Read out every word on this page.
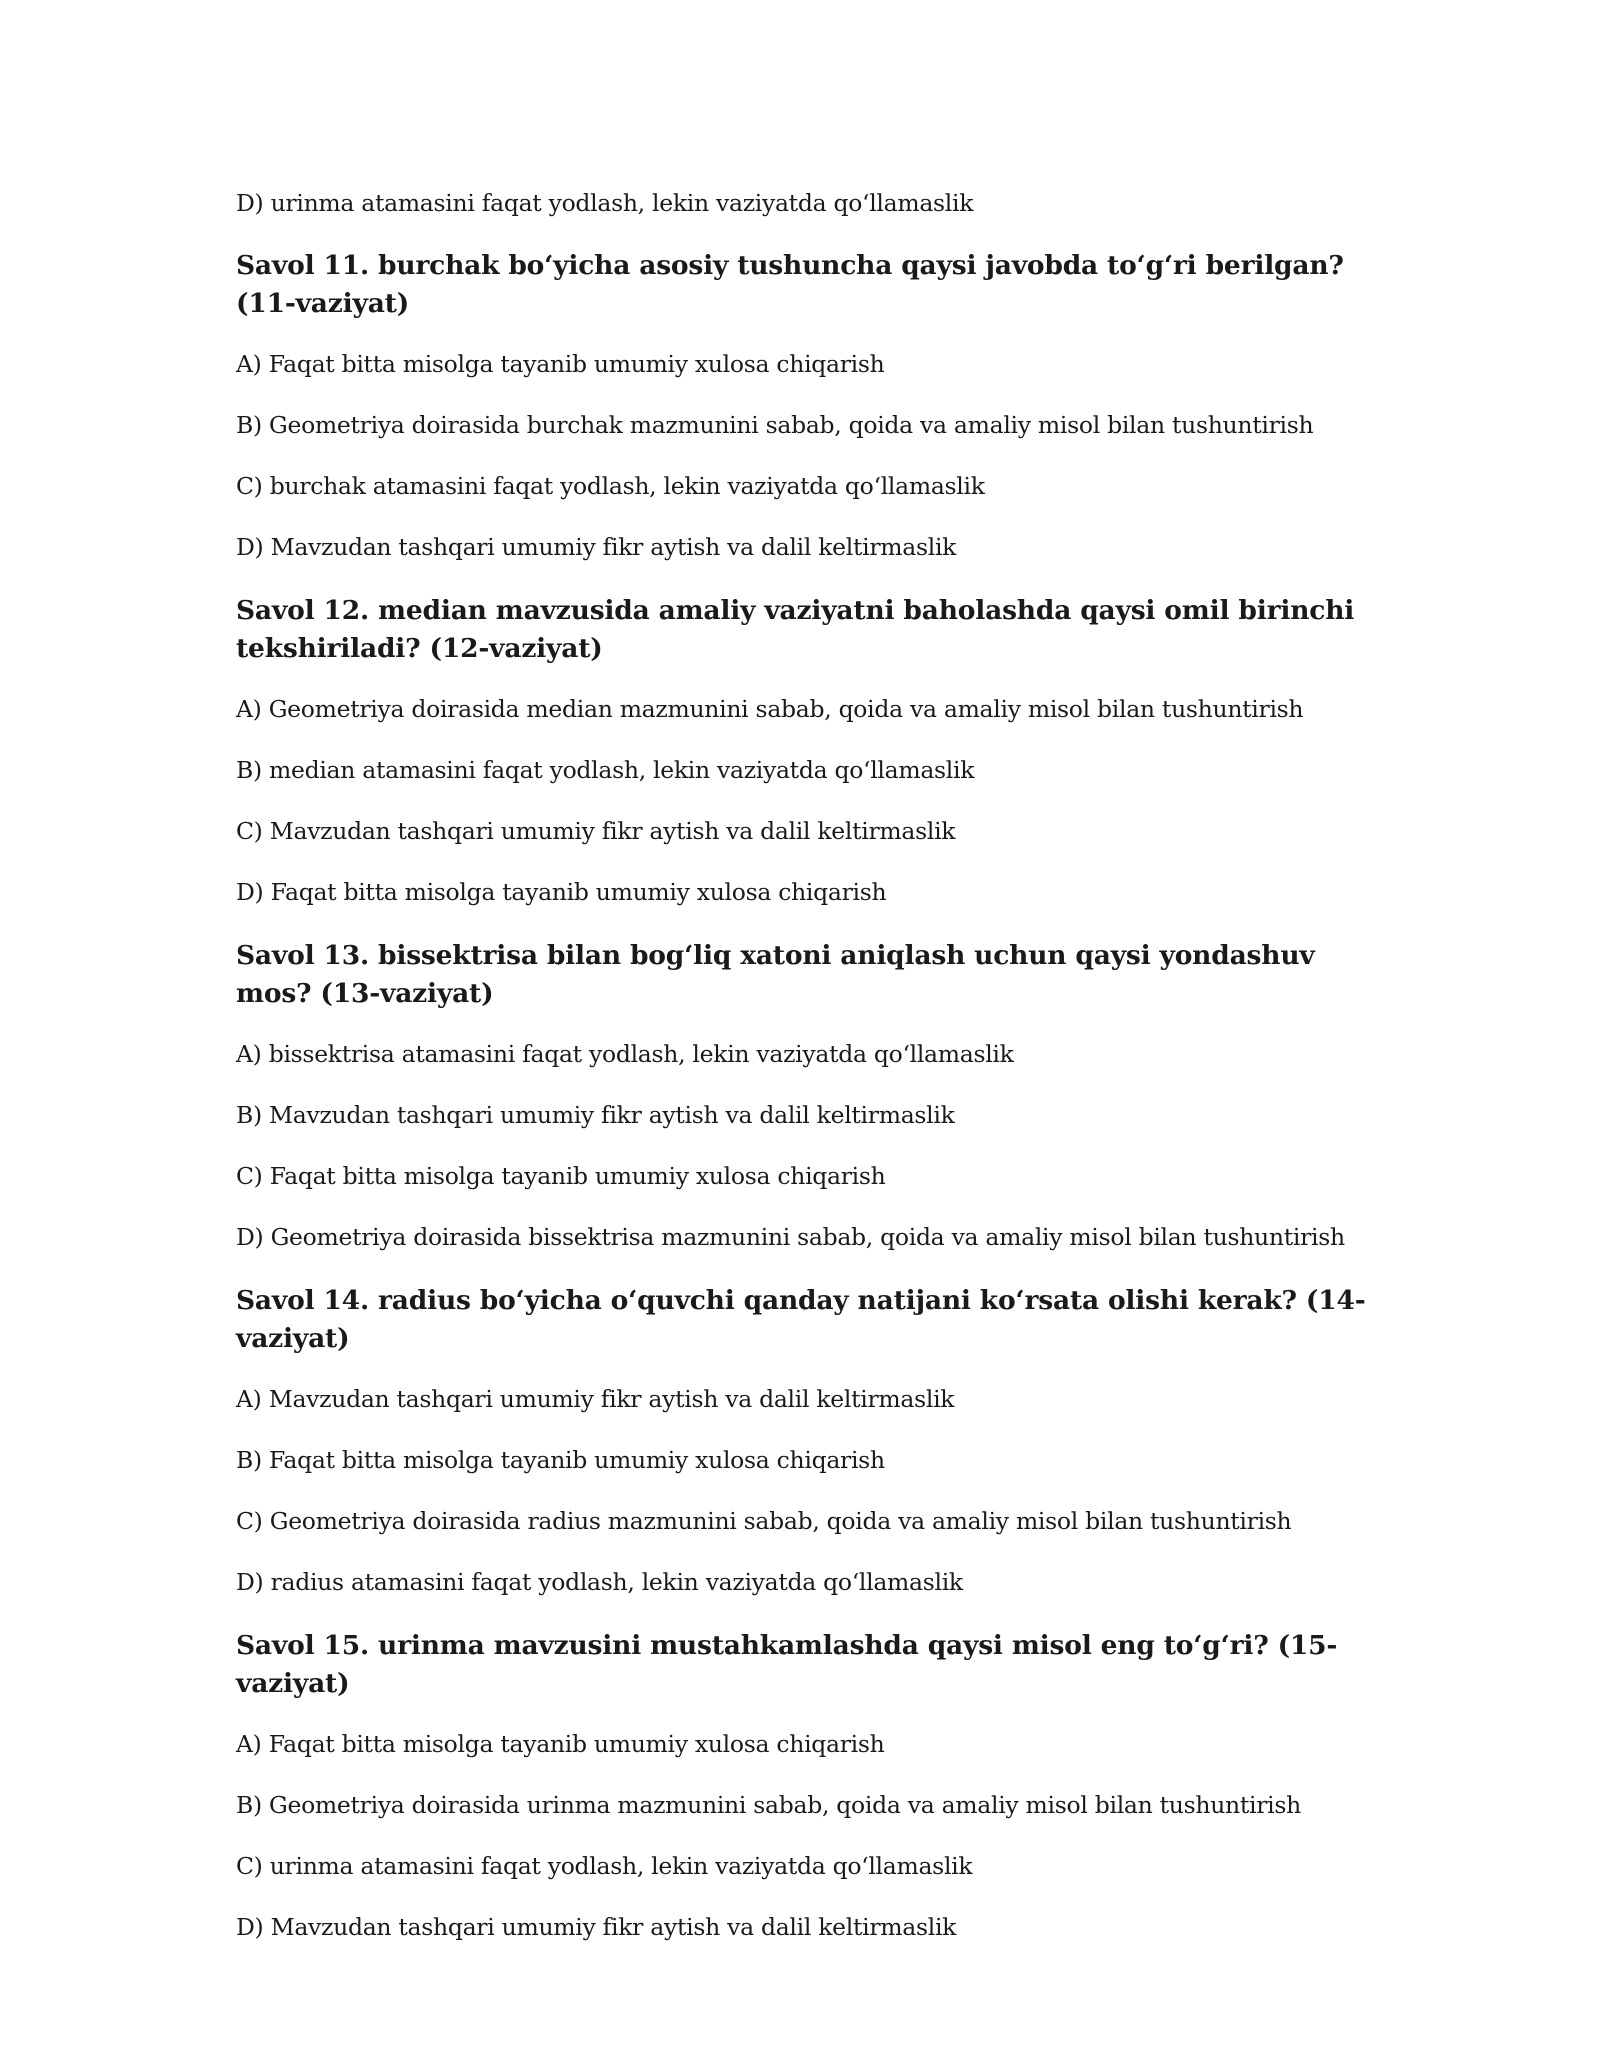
D) urinma atamasini faqat yodlash, lekin vaziyatda qoʻllamaslik

Savol 11. burchak boʻyicha asosiy tushuncha qaysi javobda toʻgʻri berilgan? (11-vaziyat)

A) Faqat bitta misolga tayanib umumiy xulosa chiqarish

B) Geometriya doirasida burchak mazmunini sabab, qoida va amaliy misol bilan tushuntirish

C) burchak atamasini faqat yodlash, lekin vaziyatda qoʻllamaslik

D) Mavzudan tashqari umumiy fikr aytish va dalil keltirmaslik

Savol 12. median mavzusida amaliy vaziyatni baholashda qaysi omil birinchi tekshiriladi? (12-vaziyat)

A) Geometriya doirasida median mazmunini sabab, qoida va amaliy misol bilan tushuntirish

B) median atamasini faqat yodlash, lekin vaziyatda qoʻllamaslik

C) Mavzudan tashqari umumiy fikr aytish va dalil keltirmaslik

D) Faqat bitta misolga tayanib umumiy xulosa chiqarish

Savol 13. bissektrisa bilan bogʻliq xatoni aniqlash uchun qaysi yondashuv mos? (13-vaziyat)

A) bissektrisa atamasini faqat yodlash, lekin vaziyatda qoʻllamaslik

B) Mavzudan tashqari umumiy fikr aytish va dalil keltirmaslik

C) Faqat bitta misolga tayanib umumiy xulosa chiqarish

D) Geometriya doirasida bissektrisa mazmunini sabab, qoida va amaliy misol bilan tushuntirish

Savol 14. radius boʻyicha oʻquvchi qanday natijani koʻrsata olishi kerak? (14-vaziyat)

A) Mavzudan tashqari umumiy fikr aytish va dalil keltirmaslik

B) Faqat bitta misolga tayanib umumiy xulosa chiqarish

C) Geometriya doirasida radius mazmunini sabab, qoida va amaliy misol bilan tushuntirish

D) radius atamasini faqat yodlash, lekin vaziyatda qoʻllamaslik

Savol 15. urinma mavzusini mustahkamlashda qaysi misol eng toʻgʻri? (15-vaziyat)

A) Faqat bitta misolga tayanib umumiy xulosa chiqarish

B) Geometriya doirasida urinma mazmunini sabab, qoida va amaliy misol bilan tushuntirish

C) urinma atamasini faqat yodlash, lekin vaziyatda qoʻllamaslik

D) Mavzudan tashqari umumiy fikr aytish va dalil keltirmaslik
